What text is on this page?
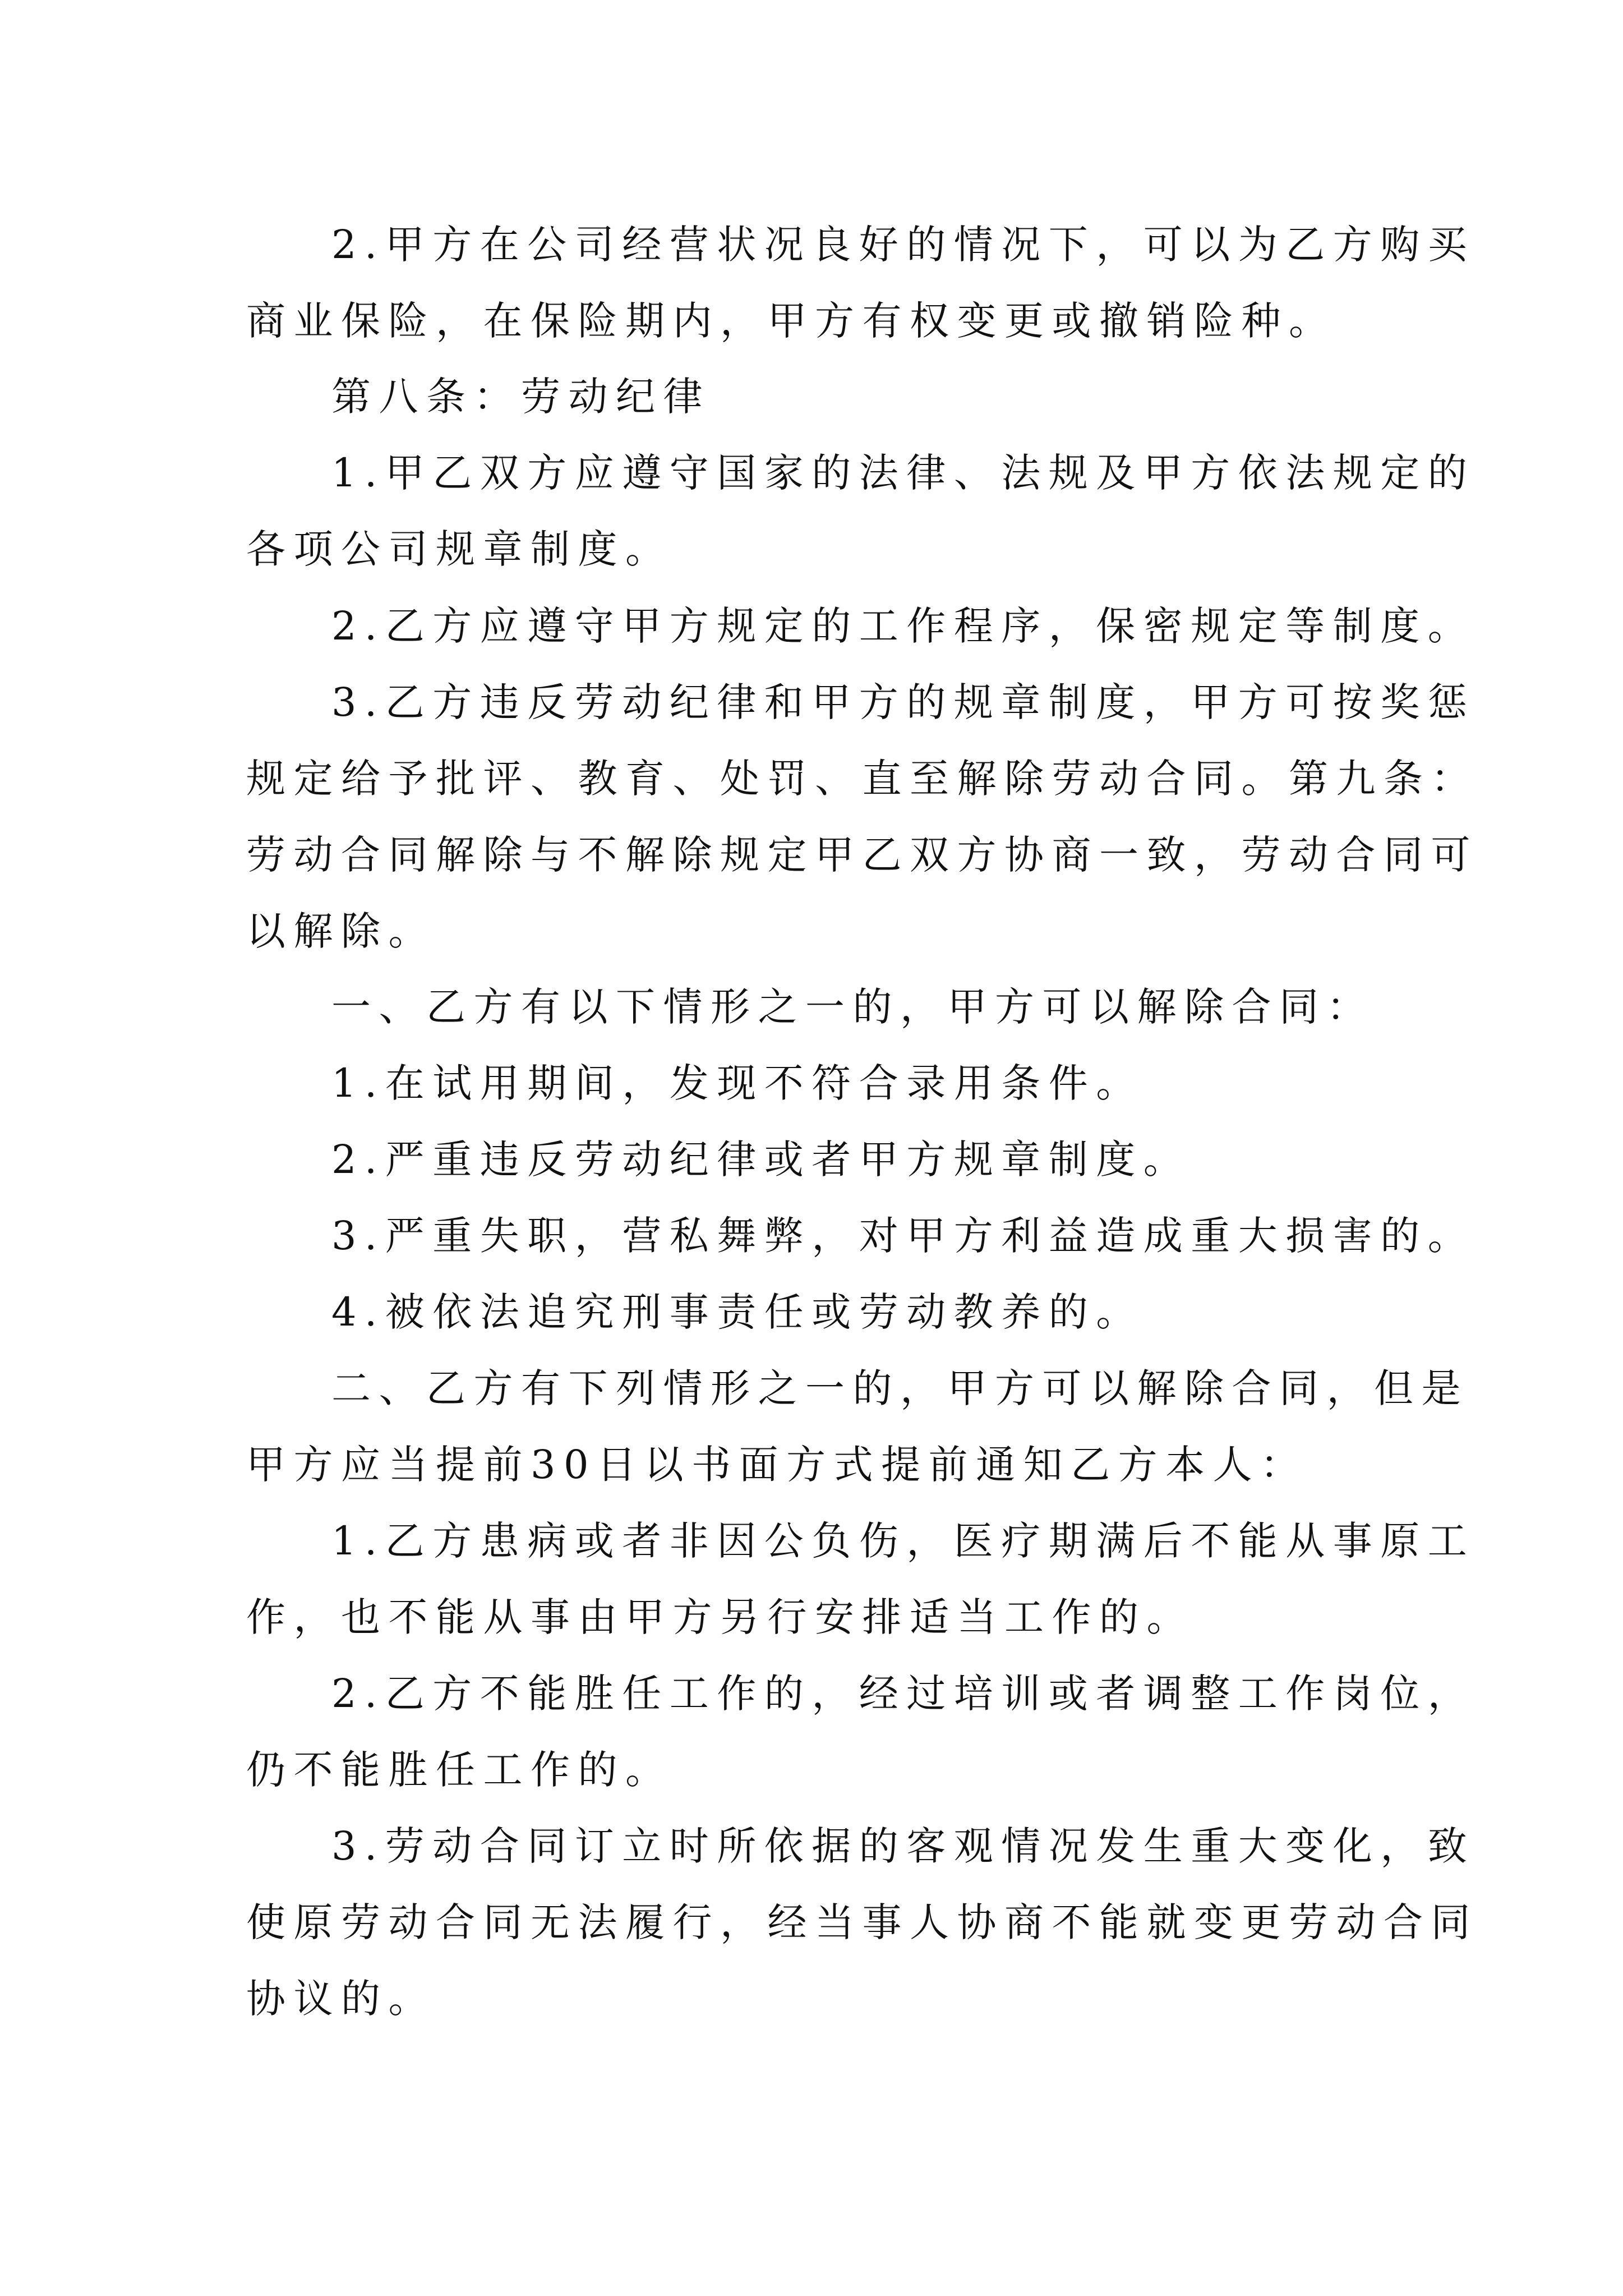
2.甲方在公司经营状况良好的情况下，可以为乙方购买
商业保险，在保险期内，甲方有权变更或撤销险种。
第八条：劳动纪律
1.甲乙双方应遵守国家的法律、法规及甲方依法规定的
各项公司规章制度。
2.乙方应遵守甲方规定的工作程序，保密规定等制度。
3.乙方违反劳动纪律和甲方的规章制度，甲方可按奖惩
规定给予批评、教育、处罚、直至解除劳动合同。第九条：
劳动合同解除与不解除规定甲乙双方协商一致，劳动合同可
以解除。
一、乙方有以下情形之一的，甲方可以解除合同：
1.在试用期间，发现不符合录用条件。
2.严重违反劳动纪律或者甲方规章制度。
3.严重失职，营私舞弊，对甲方利益造成重大损害的。
4.被依法追究刑事责任或劳动教养的。
二、乙方有下列情形之一的，甲方可以解除合同，但是
甲方应当提前30日以书面方式提前通知乙方本人：
1.乙方患病或者非因公负伤，医疗期满后不能从事原工
作，也不能从事由甲方另行安排适当工作的。
2.乙方不能胜任工作的，经过培训或者调整工作岗位，
仍不能胜任工作的。
3.劳动合同订立时所依据的客观情况发生重大变化，致
使原劳动合同无法履行，经当事人协商不能就变更劳动合同
协议的。
